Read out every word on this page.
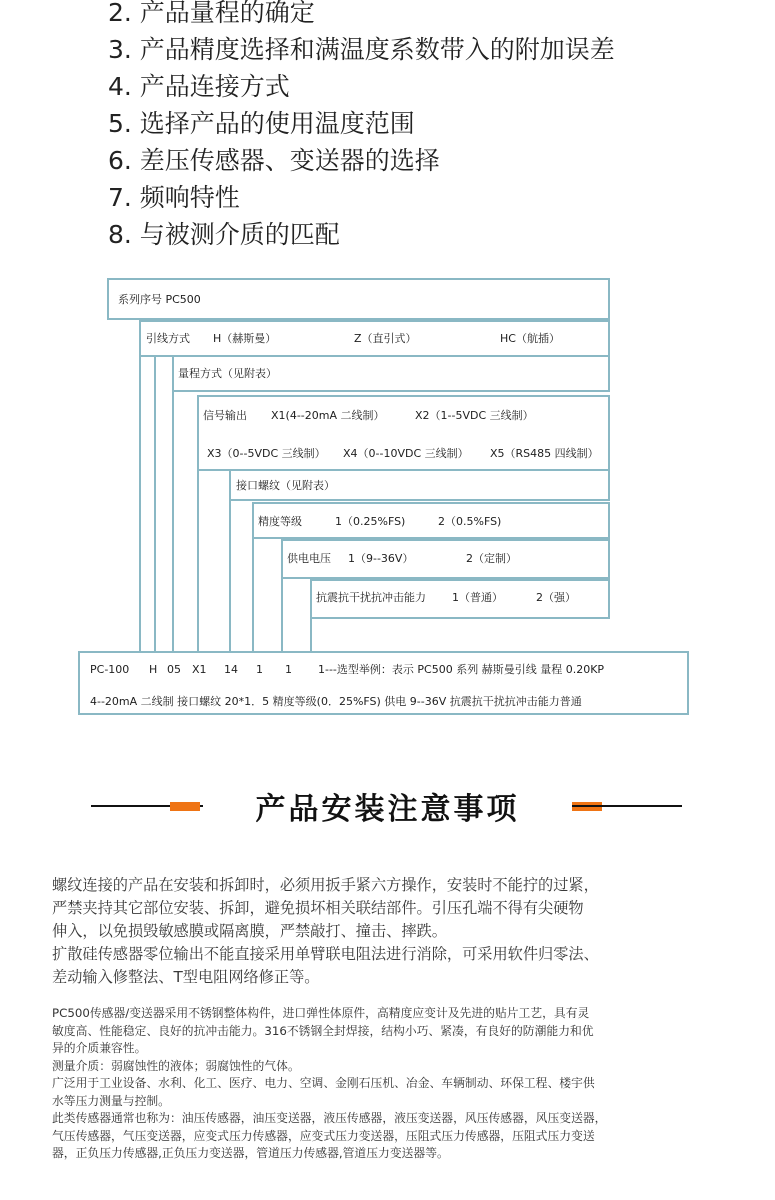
2. 产品量程的确定
3. 产品精度选择和满温度系数带入的附加误差
4. 产品连接方式
5. 选择产品的使用温度范围
6. 差压传感器、变送器的选择
7. 频响特性
8. 与被测介质的匹配
系列序号 PC500
引线方式 H（赫斯曼）	Z（直引式）	HC（航插）
量程方式（见附表）
信号输出 X1(4--20mA 二线制）	X2（1--5VDC 三线制）
X3（0--5VDC 三线制） X4（0--10VDC 三线制） X5（RS485 四线制）
接口螺纹（见附表）
精度等级	1（0.25%FS)	2（0.5%FS)
供电电压 1（9--36V）	2（定制）
抗震抗干扰抗冲击能力 1（普通）	2（强）
PC-100 H 05 X1 14 1 1 1---选型举例：表示 PC500 系列 赫斯曼引线 量程 0.20KP
4--20mA 二线制 接口螺纹 20*1．5 精度等级(0．25%FS) 供电 9--36V 抗震抗干扰抗冲击能力普通
产品安装注意事项

螺纹连接的产品在安装和拆卸时，必须用扳手紧六方操作，安装时不能拧的过紧，
严禁夹持其它部位安装、拆卸，避免损坏相关联结部件。引压孔端不得有尖硬物
伸入，以免损毁敏感膜或隔离膜，严禁敲打、撞击、摔跌。
扩散硅传感器零位输出不能直接采用单臂联电阻法进行消除，可采用软件归零法、
差动输入修整法、T型电阻网络修正等。

PC500传感器/变送器采用不锈钢整体构件，进口弹性体原件，高精度应变计及先进的贴片工艺，具有灵
敏度高、性能稳定、良好的抗冲击能力。316不锈钢全封焊接，结构小巧、紧凑，有良好的防潮能力和优
异的介质兼容性。
测量介质：弱腐蚀性的液体；弱腐蚀性的气体。
广泛用于工业设备、水利、化工、医疗、电力、空调、金刚石压机、冶金、车辆制动、环保工程、楼宇供
水等压力测量与控制。
此类传感器通常也称为：油压传感器，油压变送器，液压传感器，液压变送器，风压传感器，风压变送器，
气压传感器，气压变送器，应变式压力传感器，应变式压力变送器，压阻式压力传感器，压阻式压力变送
器，正负压力传感器,正负压力变送器，管道压力传感器,管道压力变送器等。
